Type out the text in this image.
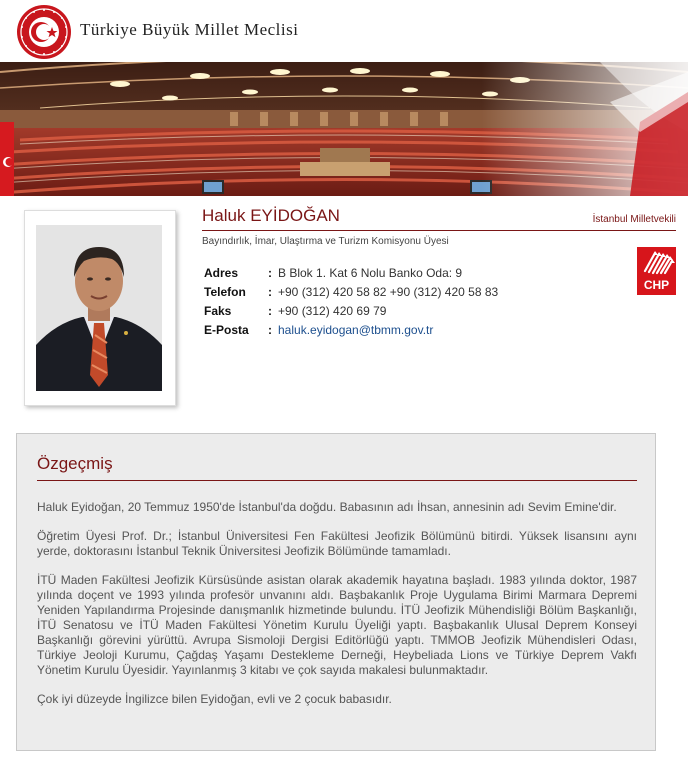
Türkiye Büyük Millet Meclisi
Haluk EYİDOĞAN	İstanbul Milletvekili
Bayındırlık, İmar, Ulaştırma ve Turizm Komisyonu Üyesi
Adres	: B Blok 1. Kat 6 Nolu Banko Oda: 9
Telefon	: +90 (312) 420 58 82 +90 (312) 420 58 83
Faks	: +90 (312) 420 69 79
E-Posta	: haluk.eyidogan@tbmm.gov.tr
CHP
Özgeçmiş

Haluk Eyidoğan, 20 Temmuz 1950'de İstanbul'da doğdu. Babasının adı İhsan, annesinin adı Sevim Emine'dir.

Öğretim Üyesi Prof. Dr.; İstanbul Üniversitesi Fen Fakültesi Jeofizik Bölümünü bitirdi. Yüksek lisansını aynı yerde, doktorasını İstanbul Teknik Üniversitesi Jeofizik Bölümünde tamamladı.

İTÜ Maden Fakültesi Jeofizik Kürsüsünde asistan olarak akademik hayatına başladı. 1983 yılında doktor, 1987 yılında doçent ve 1993 yılında profesör unvanını aldı. Başbakanlık Proje Uygulama Birimi Marmara Depremi Yeniden Yapılandırma Projesinde danışmanlık hizmetinde bulundu. İTÜ Jeofizik Mühendisliği Bölüm Başkanlığı, İTÜ Senatosu ve İTÜ Maden Fakültesi Yönetim Kurulu Üyeliği yaptı. Başbakanlık Ulusal Deprem Konseyi Başkanlığı görevini yürüttü. Avrupa Sismoloji Dergisi Editörlüğü yaptı. TMMOB Jeofizik Mühendisleri Odası, Türkiye Jeoloji Kurumu, Çağdaş Yaşamı Destekleme Derneği, Heybeliada Lions ve Türkiye Deprem Vakfı Yönetim Kurulu Üyesidir. Yayınlanmış 3 kitabı ve çok sayıda makalesi bulunmaktadır.

Çok iyi düzeyde İngilizce bilen Eyidoğan, evli ve 2 çocuk babasıdır.
